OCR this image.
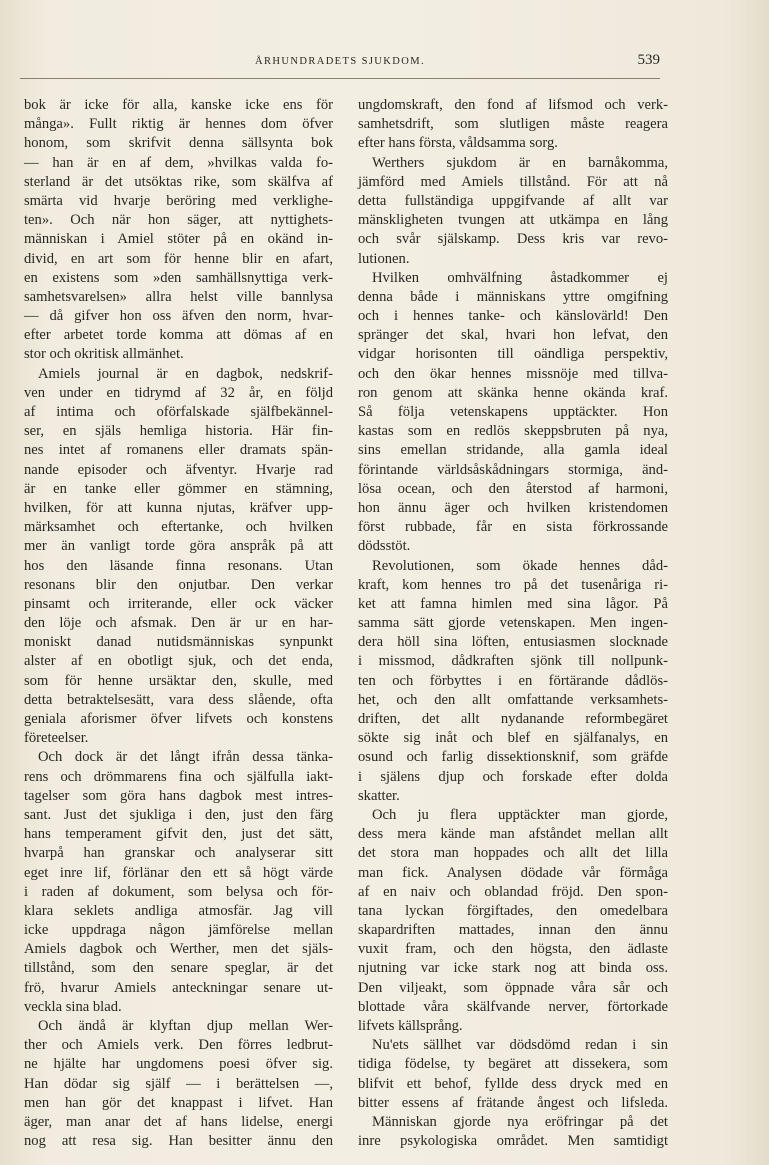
ÅRHUNDRADETS SJUKDOM.	539
bok är icke för alla, kanske icke ens för
många». Fullt riktig är hennes dom öfver
honom, som skrifvit denna sällsynta bok
— han är en af dem, »hvilkas valda fo-
sterland är det utsöktas rike, som skälfva af
smärta vid hvarje beröring med verklighe-
ten». Och när hon säger, att nyttighets-
människan i Amiel stöter på en okänd in-
divid, en art som för henne blir en afart,
en existens som »den samhällsnyttiga verk-
samhetsvarelsen» allra helst ville bannlysa
— då gifver hon oss äfven den norm, hvar-
efter arbetet torde komma att dömas af en
stor och okritisk allmänhet.
Amiels journal är en dagbok, nedskrif-
ven under en tidrymd af 32 år, en följd
af intima och oförfalskade själfbekännel-
ser, en själs hemliga historia. Här fin-
nes intet af romanens eller dramats spän-
nande episoder och äfventyr. Hvarje rad
är en tanke eller gömmer en stämning,
hvilken, för att kunna njutas, kräfver upp-
märksamhet och eftertanke, och hvilken
mer än vanligt torde göra anspråk på att
hos den läsande finna resonans. Utan
resonans blir den onjutbar. Den verkar
pinsamt och irriterande, eller ock väcker
den löje och afsmak. Den är ur en har-
moniskt danad nutidsmänniskas synpunkt
alster af en obotligt sjuk, och det enda,
som för henne ursäktar den, skulle, med
detta betraktelsesätt, vara dess slående, ofta
geniala aforismer öfver lifvets och konstens
företeelser.
Och dock är det långt ifrån dessa tänka-
rens och drömmarens fina och själfulla iakt-
tagelser som göra hans dagbok mest intres-
sant. Just det sjukliga i den, just den färg
hans temperament gifvit den, just det sätt,
hvarpå han granskar och analyserar sitt
eget inre lif, förlänar den ett så högt värde
i raden af dokument, som belysa och för-
klara seklets andliga atmosfär. Jag vill
icke uppdraga någon jämförelse mellan
Amiels dagbok och Werther, men det själs-
tillstånd, som den senare speglar, är det
frö, hvarur Amiels anteckningar senare ut-
veckla sina blad.
Och ändå är klyftan djup mellan Wer-
ther och Amiels verk. Den förres ledbrut-
ne hjälte har ungdomens poesi öfver sig.
Han dödar sig själf — i berättelsen —,
men han gör det knappast i lifvet. Han
äger, man anar det af hans lidelse, energi
nog att resa sig. Han besitter ännu den
ungdomskraft, den fond af lifsmod och verk-
samhetsdrift, som slutligen måste reagera
efter hans första, våldsamma sorg.
Werthers sjukdom är en barnåkomma,
jämförd med Amiels tillstånd. För att nå
detta fullständiga uppgifvande af allt var
mänskligheten tvungen att utkämpa en lång
och svår själskamp. Dess kris var revo-
lutionen.
Hvilken omhvälfning åstadkommer ej
denna både i människans yttre omgifning
och i hennes tanke- och känslovärld! Den
spränger det skal, hvari hon lefvat, den
vidgar horisonten till oändliga perspektiv,
och den ökar hennes missnöje med tillva-
ron genom att skänka henne okända kraf.
Så följa vetenskapens upptäckter. Hon
kastas som en redlös skeppsbruten på nya,
sins emellan stridande, alla gamla ideal
förintande världsåskådningars stormiga, änd-
lösa ocean, och den återstod af harmoni,
hon ännu äger och hvilken kristendomen
först rubbade, får en sista förkrossande
dödsstöt.
Revolutionen, som ökade hennes dåd-
kraft, kom hennes tro på det tusenåriga ri-
ket att famna himlen med sina lågor. På
samma sätt gjorde vetenskapen. Men ingen-
dera höll sina löften, entusiasmen slocknade
i missmod, dådkraften sjönk till nollpunk-
ten och förbyttes i en förtärande dådlös-
het, och den allt omfattande verksamhets-
driften, det allt nydanande reformbegäret
sökte sig inåt och blef en själfanalys, en
osund och farlig dissektionsknif, som gräfde
i själens djup och forskade efter dolda
skatter.
Och ju flera upptäckter man gjorde,
dess mera kände man afståndet mellan allt
det stora man hoppades och allt det lilla
man fick. Analysen dödade vår förmåga
af en naiv och oblandad fröjd. Den spon-
tana lyckan förgiftades, den omedelbara
skapardriften mattades, innan den ännu
vuxit fram, och den högsta, den ädlaste
njutning var icke stark nog att binda oss.
Den viljeakt, som öppnade våra sår och
blottade våra skälfvande nerver, förtorkade
lifvets källsprång.
Nu'ets sällhet var dödsdömd redan i sin
tidiga födelse, ty begäret att dissekera, som
blifvit ett behof, fyllde dess dryck med en
bitter essens af frätande ångest och lifsleda.
Människan gjorde nya eröfringar på det
inre psykologiska området. Men samtidigt
